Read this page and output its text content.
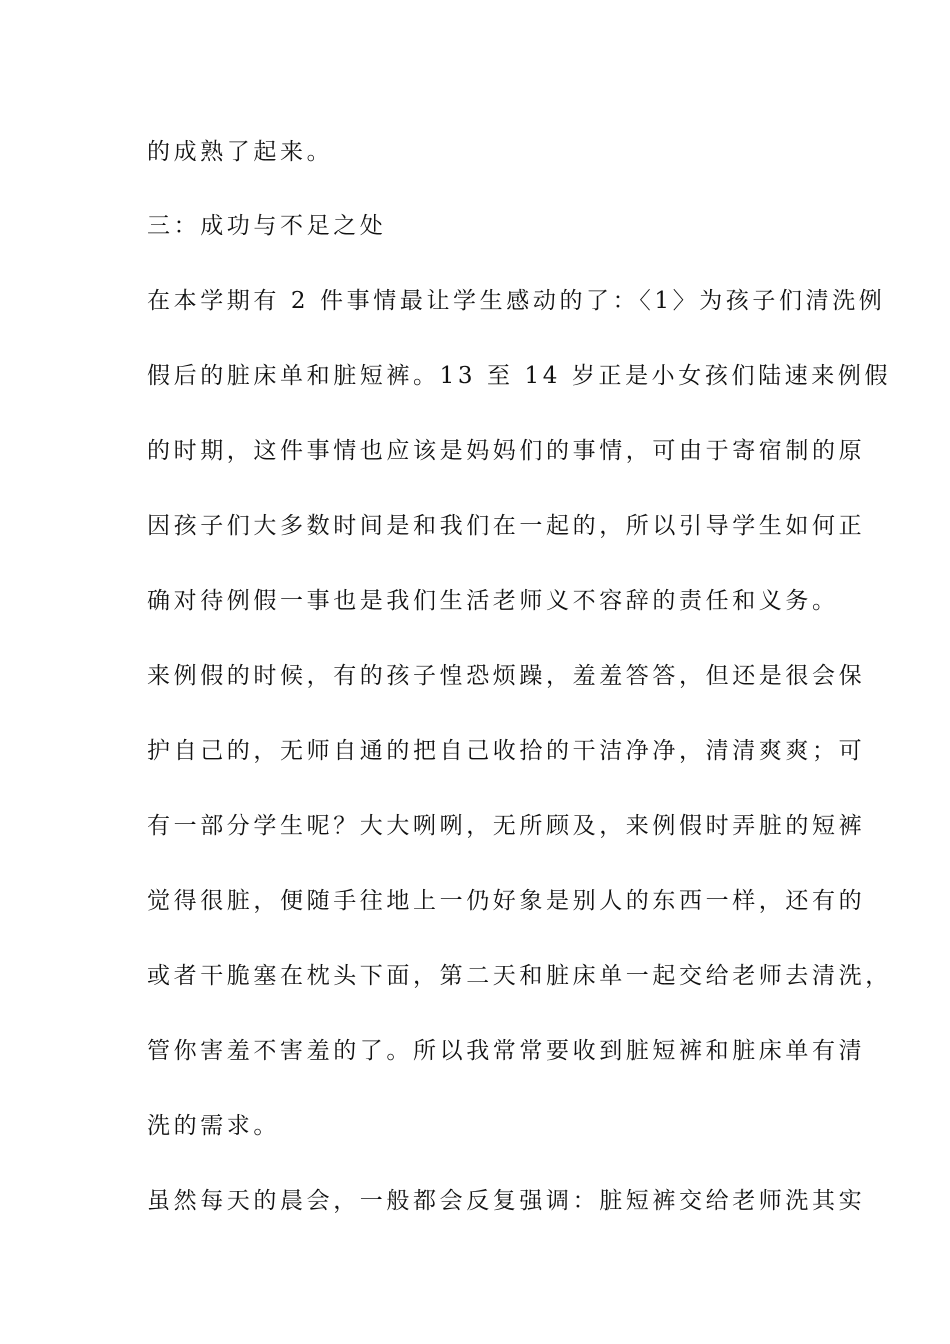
的成熟了起来。
三：成功与不足之处
在本学期有 2 件事情最让学生感动的了：〈1〉为孩子们清洗例
假后的脏床单和脏短裤。13 至 14 岁正是小女孩们陆速来例假
的时期，这件事情也应该是妈妈们的事情，可由于寄宿制的原
因孩子们大多数时间是和我们在一起的，所以引导学生如何正
确对待例假一事也是我们生活老师义不容辞的责任和义务。
来例假的时候，有的孩子惶恐烦躁，羞羞答答，但还是很会保
护自己的，无师自通的把自己收拾的干洁净净，清清爽爽；可
有一部分学生呢？大大咧咧，无所顾及，来例假时弄脏的短裤
觉得很脏，便随手往地上一仍好象是别人的东西一样，还有的
或者干脆塞在枕头下面，第二天和脏床单一起交给老师去清洗，
管你害羞不害羞的了。所以我常常要收到脏短裤和脏床单有清
洗的需求。
虽然每天的晨会，一般都会反复强调：脏短裤交给老师洗其实
